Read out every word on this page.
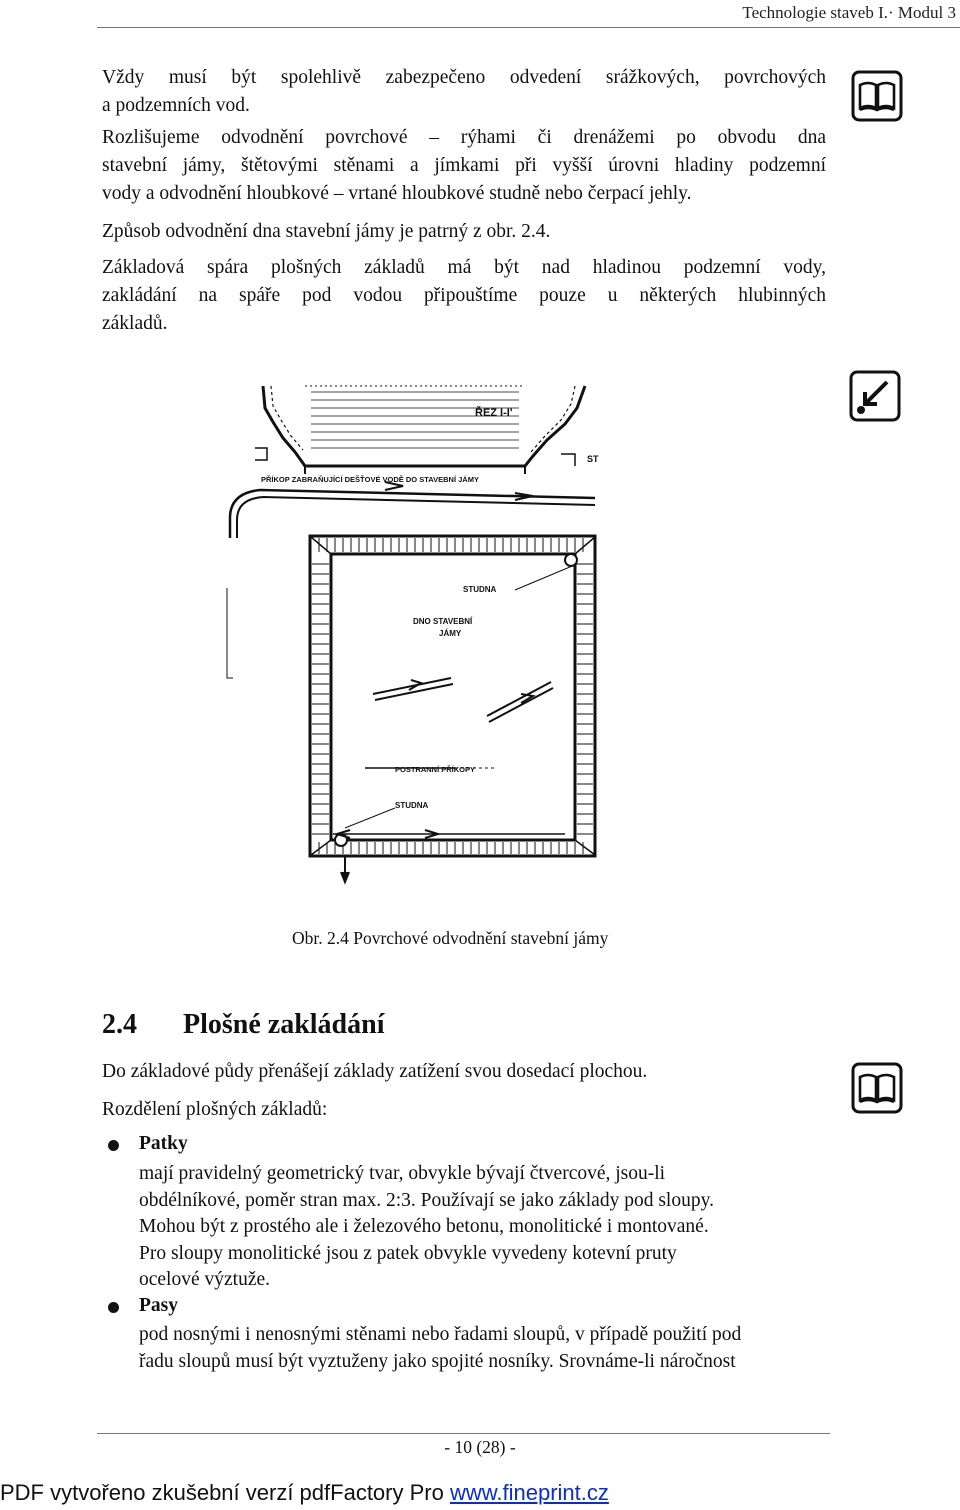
Technologie staveb I.· Modul 3
Vždy musí být spolehlivě zabezpečeno odvedení srážkových, povrchových
a podzemních vod.
Rozlišujeme odvodnění povrchové – rýhami či drenážemi po obvodu dna
stavební jámy, štětovými stěnami a jímkami při vyšší úrovni hladiny podzemní
vody a odvodnění hloubkové – vrtané hloubkové studně nebo čerpací jehly.
Způsob odvodnění dna stavební jámy je patrný z obr. 2.4.
Základová spára plošných základů má být nad hladinou podzemní vody,
zakládání na spáře pod vodou připouštíme pouze u některých hlubinných
základů.
ŘEZ I-I'
ST
PŘÍKOP ZABRAŇUJÍCÍ DEŠŤOVÉ VODĚ DO STAVEBNÍ JÁMY
STUDNA
DNO STAVEBNÍ
JÁMY
POSTRANNÍ PŘÍKOPY
STUDNA
Obr. 2.4 Povrchové odvodnění stavební jámy
2.4 Plošné zakládání
Do základové půdy přenášejí základy zatížení svou dosedací plochou.
Rozdělení plošných základů:
Patky
mají pravidelný geometrický tvar, obvykle bývají čtvercové, jsou-li
obdélníkové, poměr stran max. 2:3. Používají se jako základy pod sloupy.
Mohou být z prostého ale i železového betonu, monolitické i montované.
Pro sloupy monolitické jsou z patek obvykle vyvedeny kotevní pruty
ocelové výztuže.
Pasy
pod nosnými i nenosnými stěnami nebo řadami sloupů, v případě použití pod
řadu sloupů musí být vyztuženy jako spojité nosníky. Srovnáme-li náročnost
- 10 (28) -
PDF vytvořeno zkušební verzí pdfFactory Pro www.fineprint.cz
